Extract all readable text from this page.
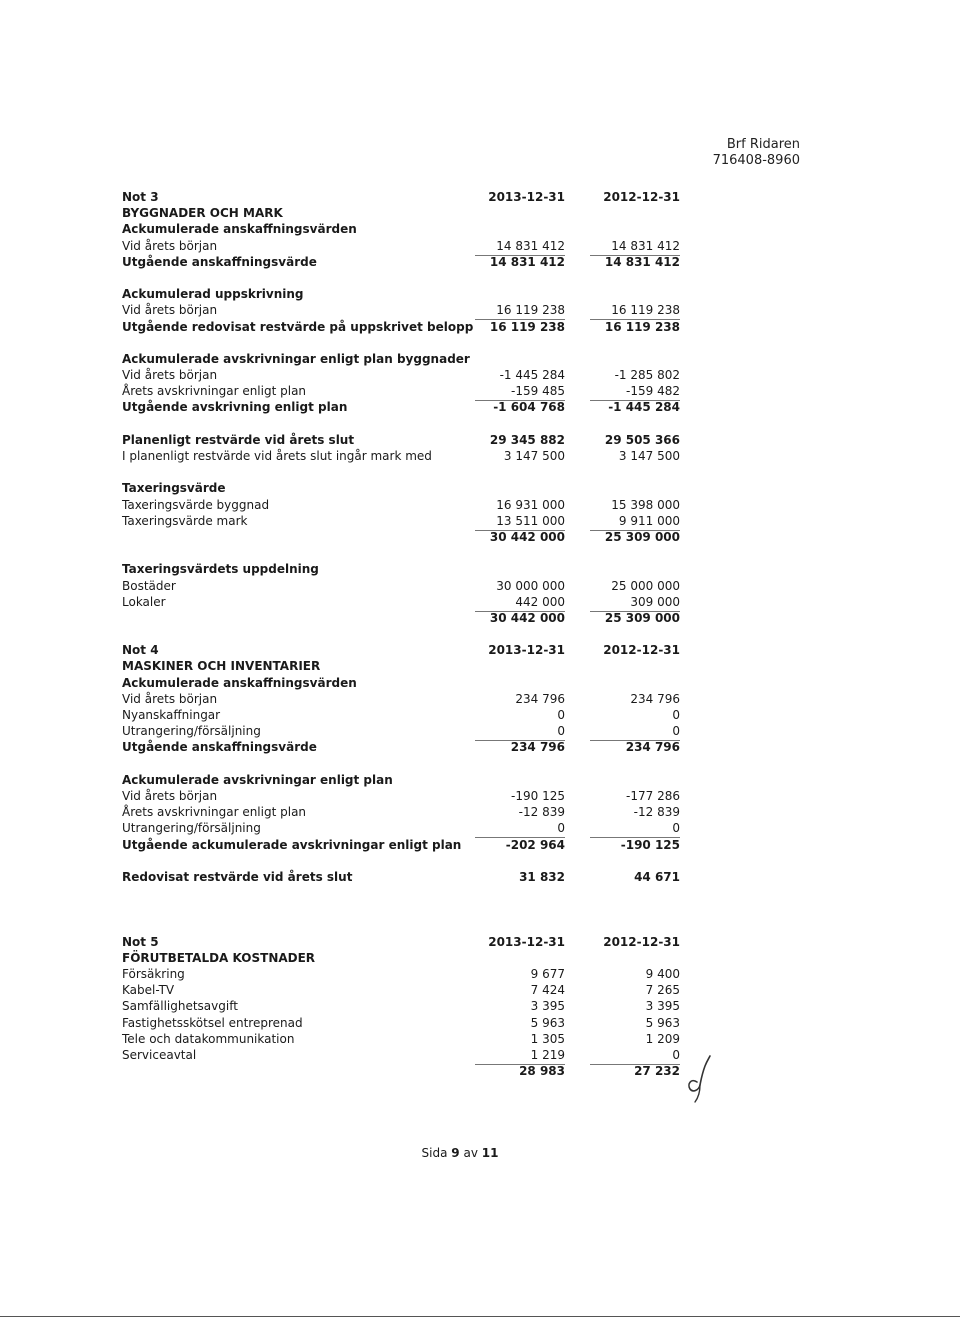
Brf Ridaren
716408-8960
Not 3	2013-12-31	2012-12-31
BYGGNADER OCH MARK
Ackumulerade anskaffningsvärden
Vid årets början	14 831 412	14 831 412
Utgående anskaffningsvärde	14 831 412	14 831 412
Ackumulerad uppskrivning
Vid årets början	16 119 238	16 119 238
Utgående redovisat restvärde på uppskrivet belopp	16 119 238	16 119 238
Ackumulerade avskrivningar enligt plan byggnader
Vid årets början	-1 445 284	-1 285 802
Årets avskrivningar enligt plan	-159 485	-159 482
Utgående avskrivning enligt plan	-1 604 768	-1 445 284
Planenligt restvärde vid årets slut	29 345 882	29 505 366
I planenligt restvärde vid årets slut ingår mark med	3 147 500	3 147 500
Taxeringsvärde
Taxeringsvärde byggnad	16 931 000	15 398 000
Taxeringsvärde mark	13 511 000	9 911 000
30 442 000	25 309 000
Taxeringsvärdets uppdelning
Bostäder	30 000 000	25 000 000
Lokaler	442 000	309 000
30 442 000	25 309 000
Not 4	2013-12-31	2012-12-31
MASKINER OCH INVENTARIER
Ackumulerade anskaffningsvärden
Vid årets början	234 796	234 796
Nyanskaffningar	0	0
Utrangering/försäljning	0	0
Utgående anskaffningsvärde	234 796	234 796
Ackumulerade avskrivningar enligt plan
Vid årets början	-190 125	-177 286
Årets avskrivningar enligt plan	-12 839	-12 839
Utrangering/försäljning	0	0
Utgående ackumulerade avskrivningar enligt plan	-202 964	-190 125
Redovisat restvärde vid årets slut	31 832	44 671
Not 5	2013-12-31	2012-12-31
FÖRUTBETALDA KOSTNADER
Försäkring	9 677	9 400
Kabel-TV	7 424	7 265
Samfällighetsavgift	3 395	3 395
Fastighetsskötsel entreprenad	5 963	5 963
Tele och datakommunikation	1 305	1 209
Serviceavtal	1 219	0
28 983	27 232
Sida 9 av 11
